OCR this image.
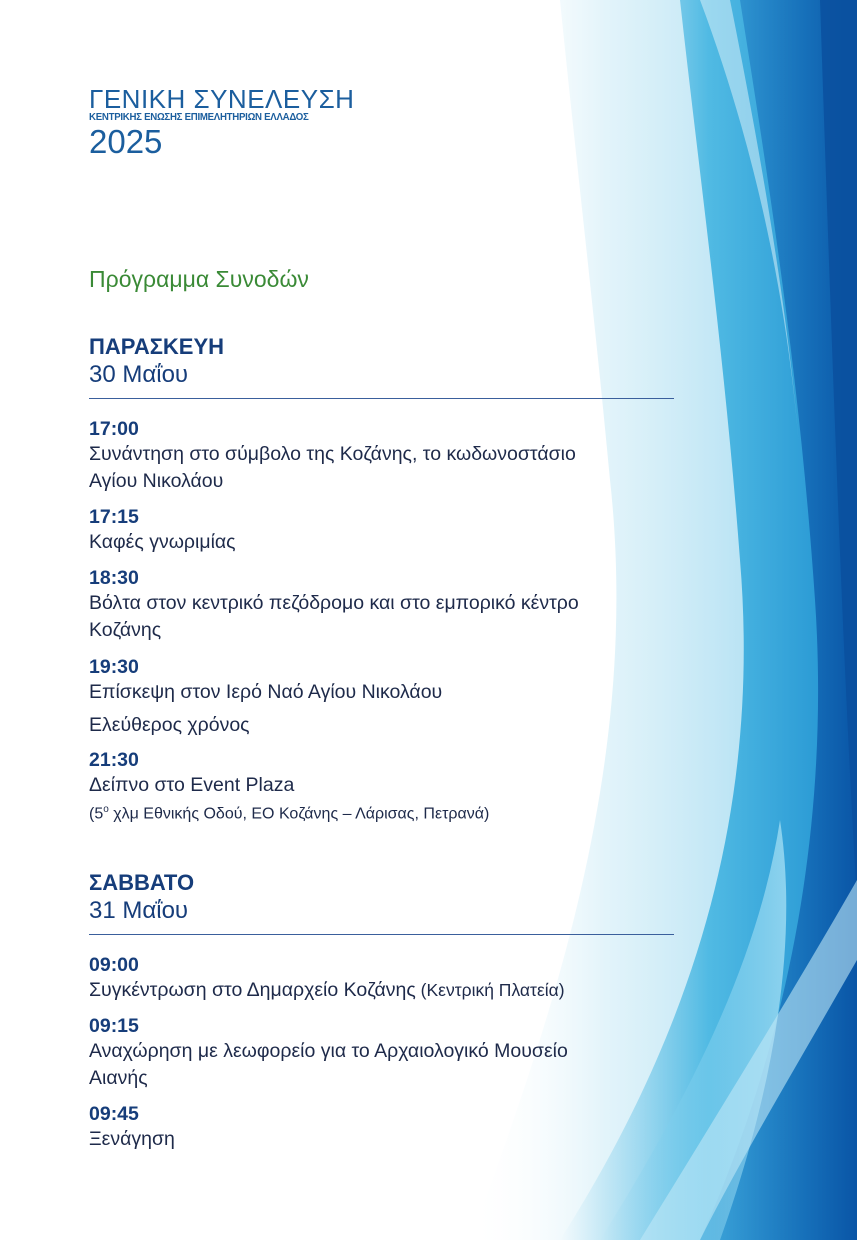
ΓΕΝΙΚΗ ΣΥΝΕΛΕΥΣΗ
ΚΕΝΤΡΙΚΗΣ ΕΝΩΣΗΣ ΕΠΙΜΕΛΗΤΗΡΙΩΝ ΕΛΛΑΔΟΣ
2025
Πρόγραμμα Συνοδών
ΠΑΡΑΣΚΕΥΗ
30 Μαΐου
17:00
Συνάντηση στο σύμβολο της Κοζάνης, το κωδωνοστάσιο
Αγίου Νικολάου
17:15
Καφές γνωριμίας
18:30
Βόλτα στον κεντρικό πεζόδρομο και στο εμπορικό κέντρο
Κοζάνης
19:30
Επίσκεψη στον Ιερό Ναό Αγίου Νικολάου
Ελεύθερος χρόνος
21:30
Δείπνο στο Event Plaza
($5^o$ χλμ Εθνικής Οδού, ΕΟ Κοζάνης – Λάρισας, Πετρανά)
ΣΑΒΒΑΤΟ
31 Μαΐου
09:00
Συγκέντρωση στο Δημαρχείο Κοζάνης (Κεντρική Πλατεία)
09:15
Αναχώρηση με λεωφορείο για το Αρχαιολογικό Μουσείο
Αιανής
09:45
Ξενάγηση
